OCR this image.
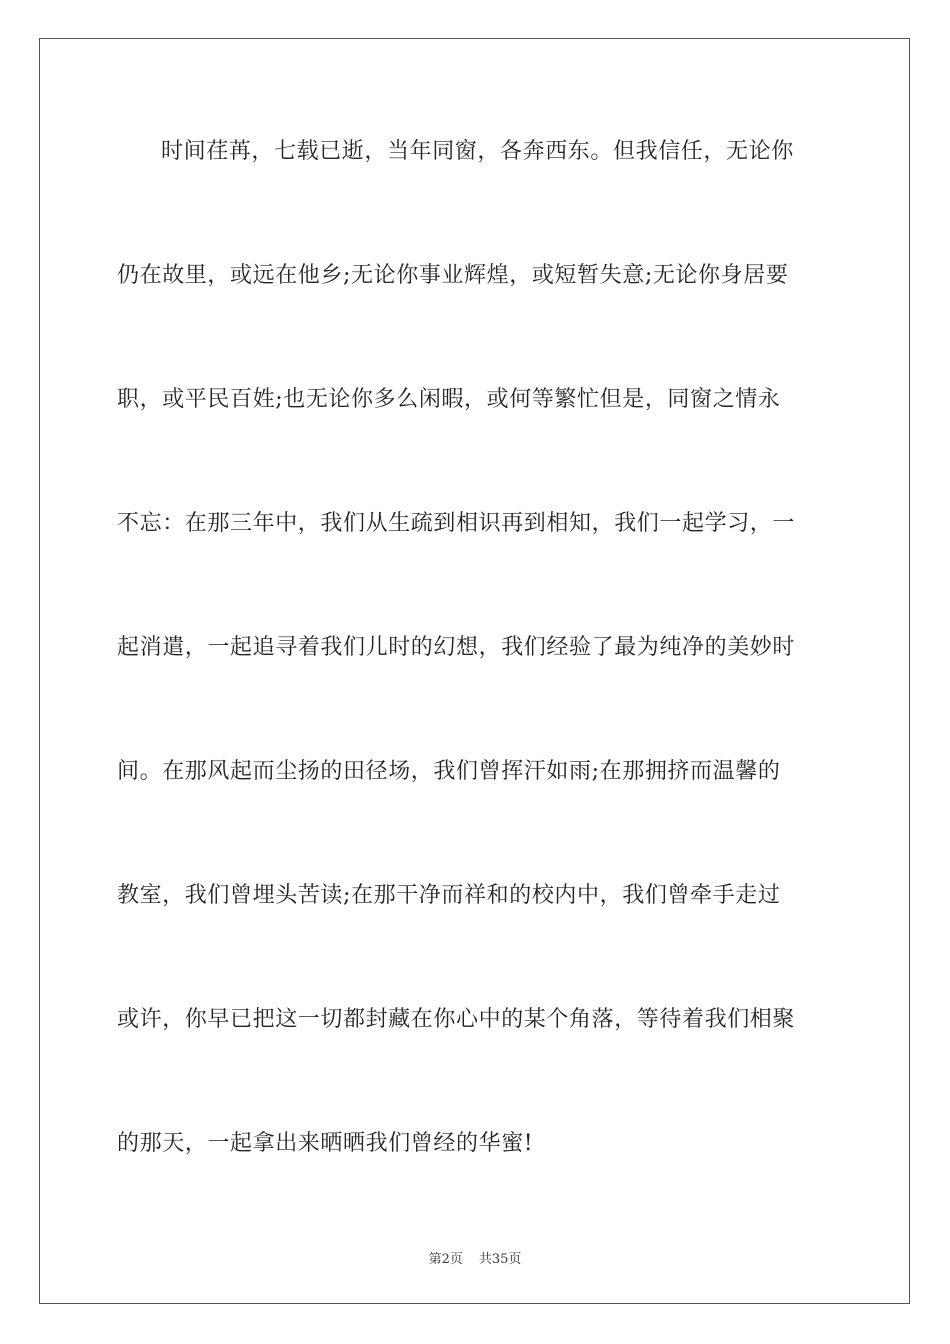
时间荏苒，七载已逝，当年同窗，各奔西东。但我信任，无论你
仍在故里，或远在他乡;无论你事业辉煌，或短暂失意;无论你身居要
职，或平民百姓;也无论你多么闲暇，或何等繁忙但是，同窗之情永
不忘：在那三年中，我们从生疏到相识再到相知，我们一起学习，一
起消遣，一起追寻着我们儿时的幻想，我们经验了最为纯净的美妙时
间。在那风起而尘扬的田径场，我们曾挥汗如雨;在那拥挤而温馨的
教室，我们曾埋头苦读;在那干净而祥和的校内中，我们曾牵手走过
或许，你早已把这一切都封藏在你心中的某个角落，等待着我们相聚
的那天，一起拿出来晒晒我们曾经的华蜜!
第2页 共35页
